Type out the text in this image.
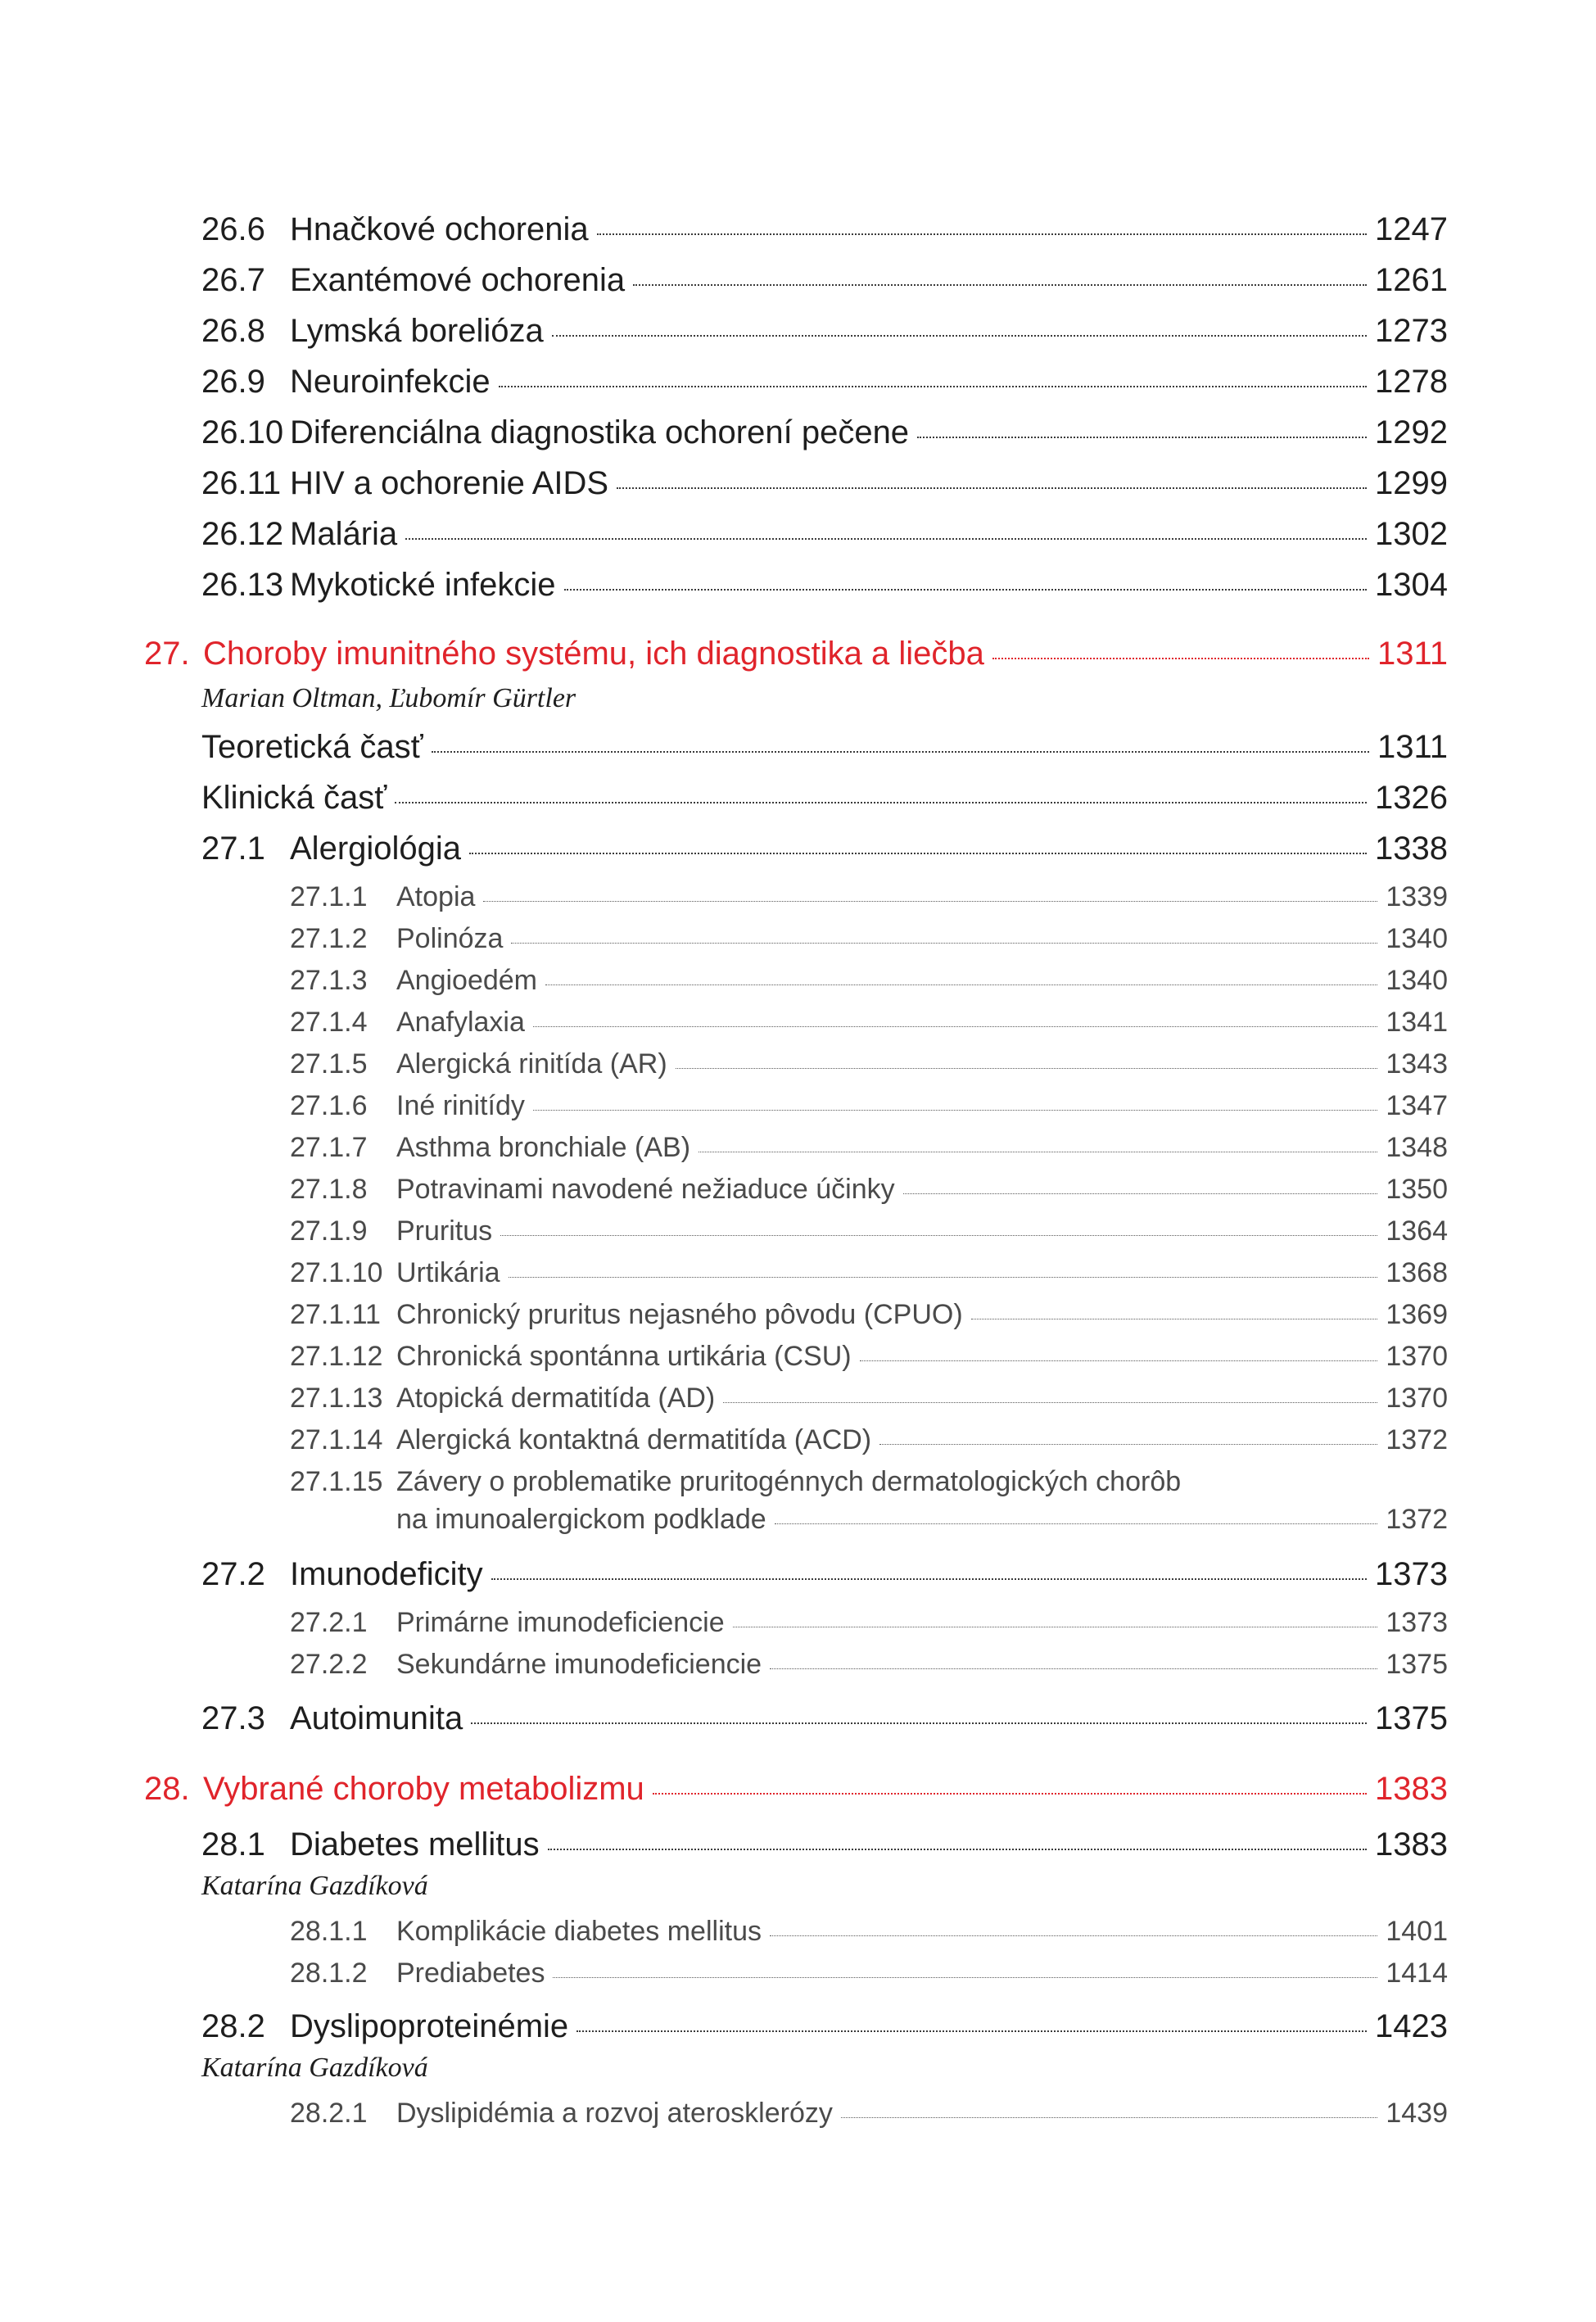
26.6 Hnačkové ochorenia	1247
26.7 Exantémové ochorenia	1261
26.8 Lymská borelióza	1273
26.9 Neuroinfekcie	1278
26.10 Diferenciálna diagnostika ochorení pečene	1292
26.11 HIV a ochorenie AIDS	1299
26.12 Malária	1302
26.13 Mykotické infekcie	1304
27. Choroby imunitného systému, ich diagnostika a liečba	1311
Marian Oltman, Ľubomír Gürtler
Teoretická časť	1311
Klinická časť	1326
27.1 Alergiológia	1338
27.1.1	Atopia	1339
27.1.2	Polinóza	1340
27.1.3	Angioedém	1340
27.1.4	Anafylaxia	1341
27.1.5	Alergická rinitída (AR)	1343
27.1.6	Iné rinitídy	1347
27.1.7	Asthma bronchiale (AB)	1348
27.1.8	Potravinami navodené nežiaduce účinky	1350
27.1.9	Pruritus	1364
27.1.10 Urtikária	1368
27.1.11 Chronický pruritus nejasného pôvodu (CPUO)	1369
27.1.12 Chronická spontánna urtikária (CSU)	1370
27.1.13 Atopická dermatitída (AD)	1370
27.1.14 Alergická kontaktná dermatitída (ACD)	1372
27.1.15 Závery o problematike pruritogénnych dermatologických chorôb
na imunoalergickom podklade	1372
27.2 Imunodeficity	1373
27.2.1	Primárne imunodeficiencie	1373
27.2.2	Sekundárne imunodeficiencie	1375
27.3 Autoimunita	1375
28. Vybrané choroby metabolizmu	1383
28.1 Diabetes mellitus	1383
Katarína Gazdíková
28.1.1	Komplikácie diabetes mellitus	1401
28.1.2	Prediabetes	1414
28.2 Dyslipoproteinémie	1423
Katarína Gazdíková
28.2.1	Dyslipidémia a rozvoj aterosklerózy	1439
